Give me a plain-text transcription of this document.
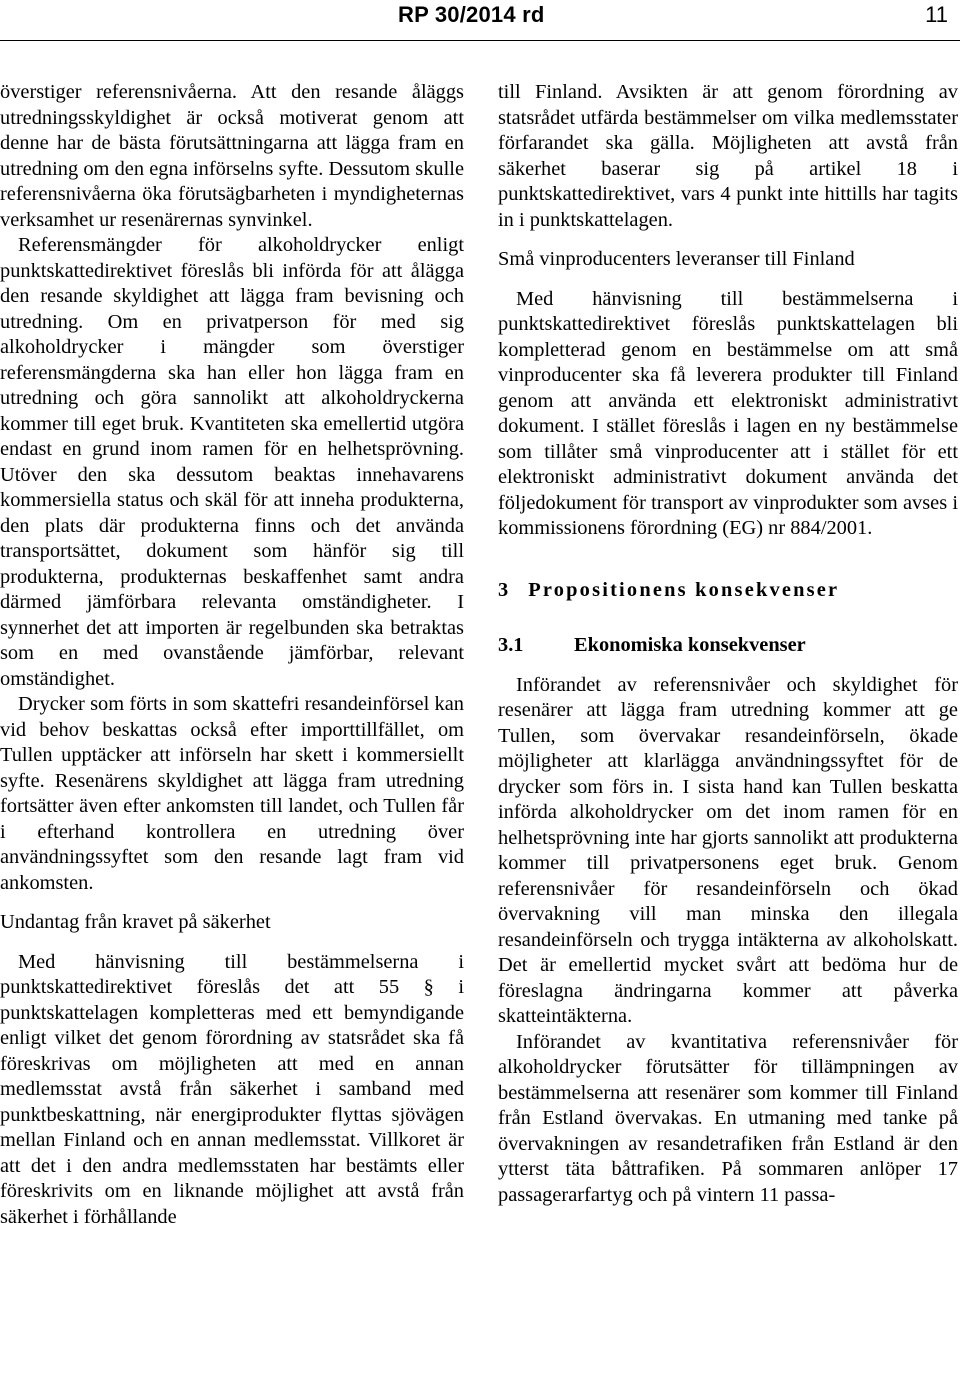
RP 30/2014 rd	11

överstiger referensnivåerna. Att den resande åläggs utredningsskyldighet är också motiverat genom att denne har de bästa förutsättningarna att lägga fram en utredning om den egna införselns syfte. Dessutom skulle referensnivåerna öka förutsägbarheten i myndigheternas verksamhet ur resenärernas synvinkel.

Referensmängder för alkoholdrycker enligt punktskattedirektivet föreslås bli införda för att ålägga den resande skyldighet att lägga fram bevisning och utredning. Om en privatperson för med sig alkoholdrycker i mängder som överstiger referensmängderna ska han eller hon lägga fram en utredning och göra sannolikt att alkoholdryckerna kommer till eget bruk. Kvantiteten ska emellertid utgöra endast en grund inom ramen för en helhetsprövning. Utöver den ska dessutom beaktas innehavarens kommersiella status och skäl för att inneha produkterna, den plats där produkterna finns och det använda transportsättet, dokument som hänför sig till produkterna, produkternas beskaffenhet samt andra därmed jämförbara relevanta omständigheter. I synnerhet det att importen är regelbunden ska betraktas som en med ovanstående jämförbar, relevant omständighet.

Drycker som förts in som skattefri resandeinförsel kan vid behov beskattas också efter importtillfället, om Tullen upptäcker att införseln har skett i kommersiellt syfte. Resenärens skyldighet att lägga fram utredning fortsätter även efter ankomsten till landet, och Tullen får i efterhand kontrollera en utredning över användningssyftet som den resande lagt fram vid ankomsten.

Undantag från kravet på säkerhet

Med hänvisning till bestämmelserna i punktskattedirektivet föreslås det att 55 § i punktskattelagen kompletteras med ett bemyndigande enligt vilket det genom förordning av statsrådet ska få föreskrivas om möjligheten att med en annan medlemsstat avstå från säkerhet i samband med punktbeskattning, när energiprodukter flyttas sjövägen mellan Finland och en annan medlemsstat. Villkoret är att det i den andra medlemsstaten har bestämts eller föreskrivits om en liknande möjlighet att avstå från säkerhet i förhållande

till Finland. Avsikten är att genom förordning av statsrådet utfärda bestämmelser om vilka medlemsstater förfarandet ska gälla. Möjligheten att avstå från säkerhet baserar sig på artikel 18 i punktskattedirektivet, vars 4 punkt inte hittills har tagits in i punktskattelagen.

Små vinproducenters leveranser till Finland

Med hänvisning till bestämmelserna i punktskattedirektivet föreslås punktskattelagen bli kompletterad genom en bestämmelse om att små vinproducenter ska få leverera produkter till Finland genom att använda ett elektroniskt administrativt dokument. I stället föreslås i lagen en ny bestämmelse som tillåter små vinproducenter att i stället för ett elektroniskt administrativt dokument använda det följedokument för transport av vinprodukter som avses i kommissionens förordning (EG) nr 884/2001.

3 Propositionens konsekvenser

3.1 Ekonomiska konsekvenser

Införandet av referensnivåer och skyldighet för resenärer att lägga fram utredning kommer att ge Tullen, som övervakar resandeinförseln, ökade möjligheter att klarlägga användningssyftet för de drycker som förs in. I sista hand kan Tullen beskatta införda alkoholdrycker om det inom ramen för en helhetsprövning inte har gjorts sannolikt att produkterna kommer till privatpersonens eget bruk. Genom referensnivåer för resandeinförseln och ökad övervakning vill man minska den illegala resandeinförseln och trygga intäkterna av alkoholskatt. Det är emellertid mycket svårt att bedöma hur de föreslagna ändringarna kommer att påverka skatteintäkterna.

Införandet av kvantitativa referensnivåer för alkoholdrycker förutsätter för tillämpningen av bestämmelserna att resenärer som kommer till Finland från Estland övervakas. En utmaning med tanke på övervakningen av resandetrafiken från Estland är den ytterst täta båttrafiken. På sommaren anlöper 17 passagerarfartyg och på vintern 11 passa-
